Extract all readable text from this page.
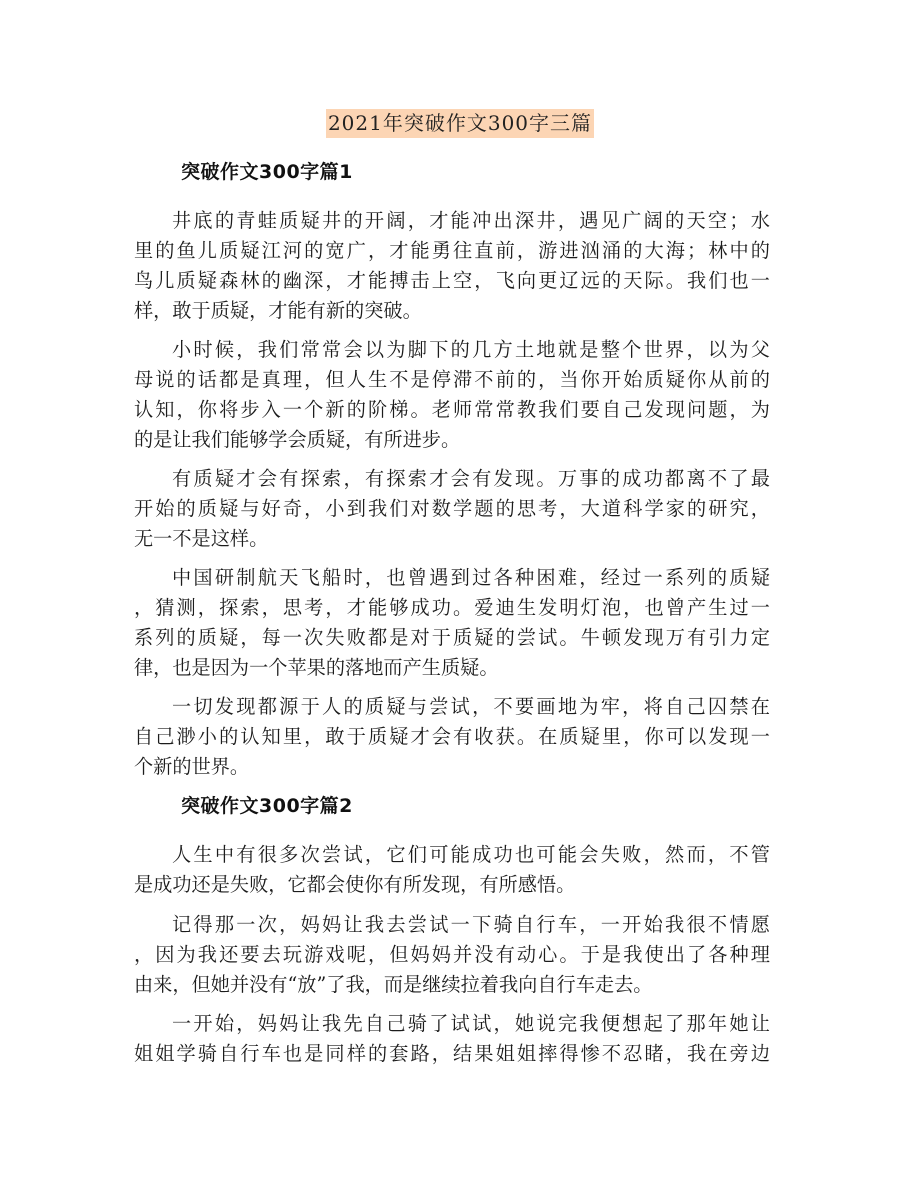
2021年突破作文300字三篇
突破作文300字篇1
井底的青蛙质疑井的开阔，才能冲出深井，遇见广阔的天空；水
里的鱼儿质疑江河的宽广，才能勇往直前，游进汹涌的大海；林中的
鸟儿质疑森林的幽深，才能搏击上空，飞向更辽远的天际。我们也一
样，敢于质疑，才能有新的突破。
小时候，我们常常会以为脚下的几方土地就是整个世界，以为父
母说的话都是真理，但人生不是停滞不前的，当你开始质疑你从前的
认知，你将步入一个新的阶梯。老师常常教我们要自己发现问题，为
的是让我们能够学会质疑，有所进步。
有质疑才会有探索，有探索才会有发现。万事的成功都离不了最
开始的质疑与好奇，小到我们对数学题的思考，大道科学家的研究，
无一不是这样。
中国研制航天飞船时，也曾遇到过各种困难，经过一系列的质疑
，猜测，探索，思考，才能够成功。爱迪生发明灯泡，也曾产生过一
系列的质疑，每一次失败都是对于质疑的尝试。牛顿发现万有引力定
律，也是因为一个苹果的落地而产生质疑。
一切发现都源于人的质疑与尝试，不要画地为牢，将自己囚禁在
自己渺小的认知里，敢于质疑才会有收获。在质疑里，你可以发现一
个新的世界。
突破作文300字篇2
人生中有很多次尝试，它们可能成功也可能会失败，然而，不管
是成功还是失败，它都会使你有所发现，有所感悟。
记得那一次，妈妈让我去尝试一下骑自行车，一开始我很不情愿
，因为我还要去玩游戏呢，但妈妈并没有动心。于是我使出了各种理
由来，但她并没有“放”了我，而是继续拉着我向自行车走去。
一开始，妈妈让我先自己骑了试试，她说完我便想起了那年她让
姐姐学骑自行车也是同样的套路，结果姐姐摔得惨不忍睹，我在旁边
